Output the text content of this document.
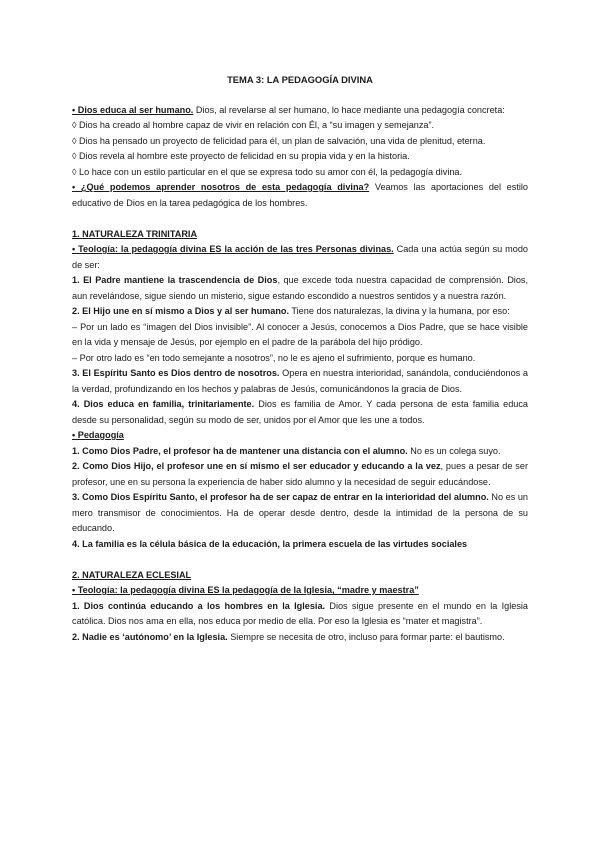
TEMA 3: LA PEDAGOGÍA DIVINA

• Dios educa al ser humano. Dios, al revelarse al ser humano, lo hace mediante una pedagogía concreta:

◊ Dios ha creado al hombre capaz de vivir en relación con Él, a “su imagen y semejanza”.

◊ Dios ha pensado un proyecto de felicidad para él, un plan de salvación, una vida de plenitud, eterna.

◊ Dios revela al hombre este proyecto de felicidad en su propia vida y en la historia.

◊ Lo hace con un estilo particular en el que se expresa todo su amor con él, la pedagogía divina.

• ¿Qué podemos aprender nosotros de esta pedagogía divina? Veamos las aportaciones del estilo educativo de Dios en la tarea pedagógica de los hombres.

1. NATURALEZA TRINITARIA

• Teología: la pedagogía divina ES la acción de las tres Personas divinas. Cada una actúa según su modo de ser:

1. El Padre mantiene la trascendencia de Dios, que excede toda nuestra capacidad de comprensión. Dios, aun revelándose, sigue siendo un misterio, sigue estando escondido a nuestros sentidos y a nuestra razón.

2. El Hijo une en sí mismo a Dios y al ser humano. Tiene dos naturalezas, la divina y la humana, por eso:

– Por un lado es “imagen del Dios invisible”. Al conocer a Jesús, conocemos a Dios Padre, que se hace visible en la vida y mensaje de Jesús, por ejemplo en el padre de la parábola del hijo pródigo.

– Por otro lado es “en todo semejante a nosotros”, no le es ajeno el sufrimiento, porque es humano.

3. El Espíritu Santo es Dios dentro de nosotros. Opera en nuestra interioridad, sanándola, conduciéndonos a la verdad, profundizando en los hechos y palabras de Jesús, comunicándonos la gracia de Dios.

4. Dios educa en familia, trinitariamente. Dios es familia de Amor. Y cada persona de esta familia educa desde su personalidad, según su modo de ser, unidos por el Amor que les une a todos.

• Pedagogía

1. Como Dios Padre, el profesor ha de mantener una distancia con el alumno. No es un colega suyo.

2. Como Dios Hijo, el profesor une en sí mismo el ser educador y educando a la vez, pues a pesar de ser profesor, une en su persona la experiencia de haber sido alumno y la necesidad de seguir educándose.

3. Como Dios Espíritu Santo, el profesor ha de ser capaz de entrar en la interioridad del alumno. No es un mero transmisor de conocimientos. Ha de operar desde dentro, desde la intimidad de la persona de su educando.

4. La familia es la célula básica de la educación, la primera escuela de las virtudes sociales

2. NATURALEZA ECLESIAL

• Teología: la pedagogía divina ES la pedagogía de la Iglesia, “madre y maestra”

1. Dios continúa educando a los hombres en la Iglesia. Dios sigue presente en el mundo en la Iglesia católica. Dios nos ama en ella, nos educa por medio de ella. Por eso la Iglesia es “mater et magistra”.

2. Nadie es ‘autónomo’ en la Iglesia. Siempre se necesita de otro, incluso para formar parte: el bautismo.
